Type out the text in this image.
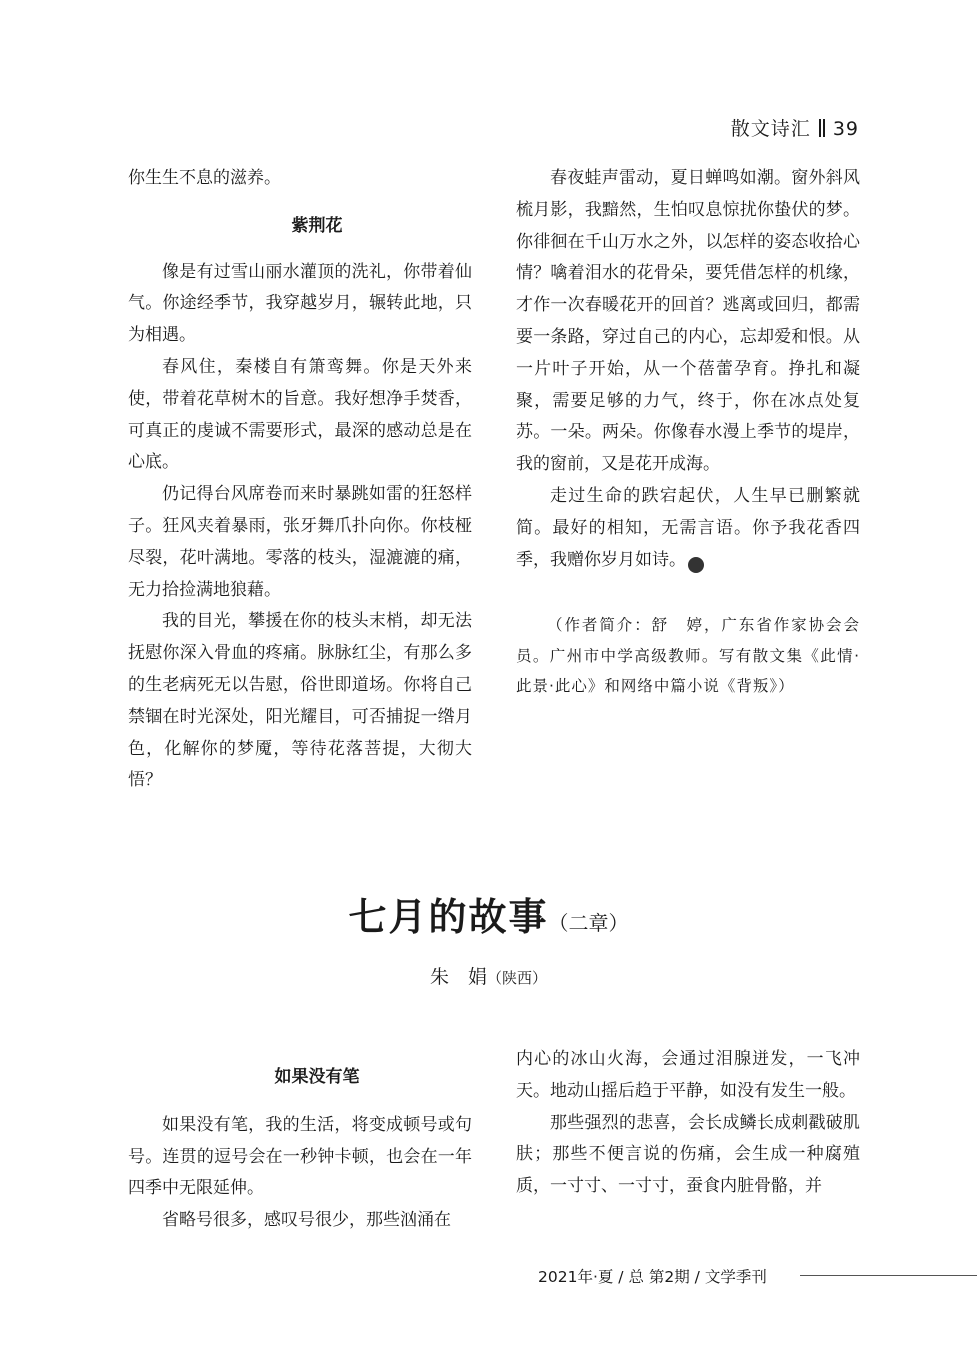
散文诗汇 39

你生生不息的滋养。

紫荆花

像是有过雪山丽水灌顶的洗礼，你带着仙气。你途经季节，我穿越岁月，辗转此地，只为相遇。

春风住，秦楼自有箫鸾舞。你是天外来使，带着花草树木的旨意。我好想净手焚香，可真正的虔诚不需要形式，最深的感动总是在心底。

仍记得台风席卷而来时暴跳如雷的狂怒样子。狂风夹着暴雨，张牙舞爪扑向你。你枝桠尽裂，花叶满地。零落的枝头，湿漉漉的痛，无力拾捡满地狼藉。

我的目光，攀援在你的枝头末梢，却无法抚慰你深入骨血的疼痛。脉脉红尘，有那么多的生老病死无以告慰，俗世即道场。你将自己禁锢在时光深处，阳光耀目，可否捕捉一绺月色，化解你的梦魇，等待花落菩提，大彻大悟？

春夜蛙声雷动，夏日蝉鸣如潮。窗外斜风梳月影，我黯然，生怕叹息惊扰你蛰伏的梦。你徘徊在千山万水之外，以怎样的姿态收拾心情？噙着泪水的花骨朵，要凭借怎样的机缘，才作一次春暖花开的回首？逃离或回归，都需要一条路，穿过自己的内心，忘却爱和恨。从一片叶子开始，从一个蓓蕾孕育。挣扎和凝聚，需要足够的力气，终于，你在冰点处复苏。一朵。两朵。你像春水漫上季节的堤岸，我的窗前，又是花开成海。

走过生命的跌宕起伏，人生早已删繁就简。最好的相知，无需言语。你予我花香四季，我赠你岁月如诗。	终

（作者简介：舒　婷，广东省作家协会会员。广州市中学高级教师。写有散文集《此情·此景·此心》和网络中篇小说《背叛》）

七月的故事（二章）
朱　娟（陕西）

如果没有笔

如果没有笔，我的生活，将变成顿号或句号。连贯的逗号会在一秒钟卡顿，也会在一年四季中无限延伸。

省略号很多，感叹号很少，那些汹涌在

内心的冰山火海，会通过泪腺迸发，一飞冲天。地动山摇后趋于平静，如没有发生一般。

那些强烈的悲喜，会长成鳞长成刺戳破肌肤；那些不便言说的伤痛，会生成一种腐殖质，一寸寸、一寸寸，蚕食内脏骨骼，并

2021年·夏 / 总 第2期 / 文学季刊
